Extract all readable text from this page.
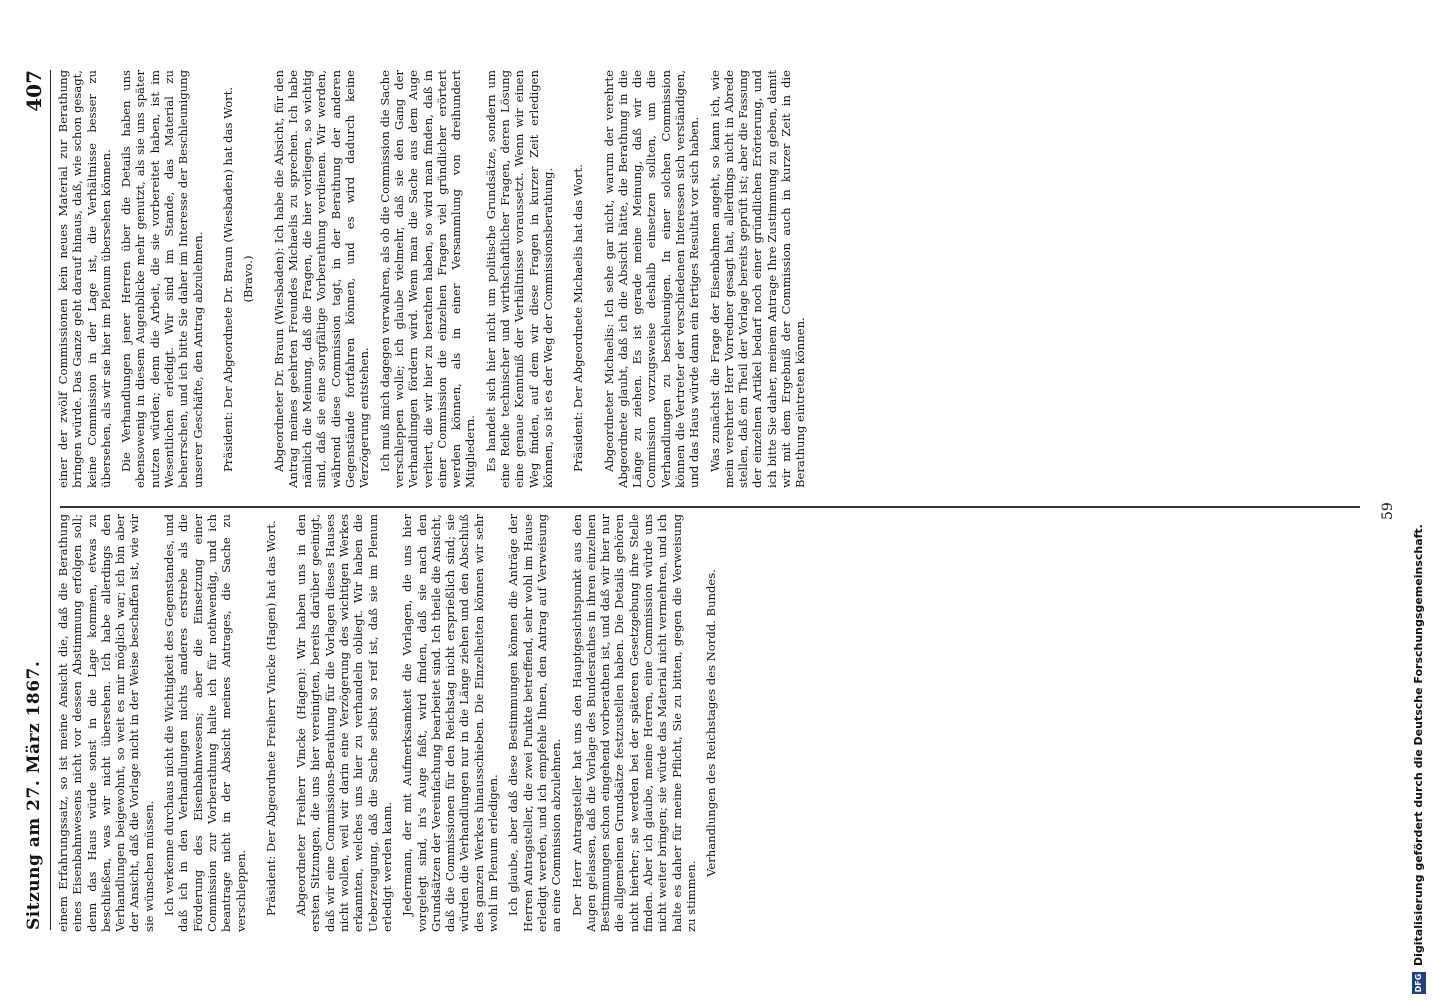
Sitzung am 27. März 1867.
407

einem Erfahrungssatz, so ist meine Ansicht die, daß die Berathung eines Eisenbahnwesens nicht vor dessen Abstimmung erfolgen soll; denn das Haus würde sonst in die Lage kommen, etwas zu beschließen, was wir nicht übersehen. Ich habe allerdings den Verhandlungen beigewohnt, so weit es mir möglich war; ich bin aber der Ansicht, daß die Vorlage nicht in der Weise beschaffen ist, wie wir sie wünschen müssen. Ich verkenne durchaus nicht die Wichtigkeit des Gegenstandes, und daß ich in den Verhandlungen nichts anderes erstrebe als die Förderung des Eisenbahnwesens; aber die Einsetzung einer Commission zur Vorberathung halte ich für nothwendig, und ich beantrage nicht in der Absicht meines Antrages, die Sache zu verschleppen. Präsident: Der Abgeordnete Freiherr Vincke (Hagen) hat das Wort. Abgeordneter Freiherr Vincke (Hagen): Wir haben uns in den ersten Sitzungen, die uns hier vereinigten, bereits darüber geeinigt, daß wir eine Commissions-Berathung für die Vorlagen dieses Hauses nicht wollen, weil wir darin eine Verzögerung des wichtigen Werkes erkannten, welches uns hier zu verhandeln obliegt. Wir haben die Ueberzeugung, daß die Sache selbst so reif ist, daß sie im Plenum erledigt werden kann. Jedermann, der mit Aufmerksamkeit die Vorlagen, die uns hier vorgelegt sind, in's Auge faßt, wird finden, daß sie nach den Grundsätzen der Vereinfachung bearbeitet sind. Ich theile die Ansicht, daß die Commissionen für den Reichstag nicht ersprießlich sind; sie würden die Verhandlungen nur in die Länge ziehen und den Abschluß des ganzen Werkes hinausschieben. Die Einzelheiten können wir sehr wohl im Plenum erledigen. Ich glaube, aber daß diese Bestimmungen können die Anträge der Herren Antragsteller, die zwei Punkte betreffend, sehr wohl im Hause erledigt werden, und ich empfehle Ihnen, den Antrag auf Verweisung an eine Commission abzulehnen. Der Herr Antragsteller hat uns den Hauptgesichtspunkt aus den Augen gelassen, daß die Vorlage des Bundesrathes in ihren einzelnen Bestimmungen schon eingehend vorberathen ist, und daß wir hier nur die allgemeinen Grundsätze festzustellen haben. Die Details gehören nicht hierher; sie werden bei der späteren Gesetzgebung ihre Stelle finden. Aber ich glaube, meine Herren, eine Commission würde uns nicht weiter bringen; sie würde das Material nicht vermehren, und ich halte es daher für meine Pflicht, Sie zu bitten, gegen die Verweisung zu stimmen.

Verhandlungen des Reichstages des Nordd. Bundes.

einer der zwölf Commissionen kein neues Material zur Berathung bringen würde. Das Ganze geht darauf hinaus, daß, wie schon gesagt, keine Commission in der Lage ist, die Verhältnisse besser zu übersehen, als wir sie hier im Plenum übersehen können. Die Verhandlungen jener Herren über die Details haben uns ebensowenig in diesem Augenblicke mehr genutzt, als sie uns später nutzen würden; denn die Arbeit, die sie vorbereitet haben, ist im Wesentlichen erledigt. Wir sind im Stande, das Material zu beherrschen, und ich bitte Sie daher im Interesse der Beschleunigung unserer Geschäfte, den Antrag abzulehnen. Präsident: Der Abgeordnete Dr. Braun (Wiesbaden) hat das Wort. (Bravo.) Abgeordneter Dr. Braun (Wiesbaden): Ich habe die Absicht, für den Antrag meines geehrten Freundes Michaelis zu sprechen. Ich habe nämlich die Meinung, daß die Fragen, die hier vorliegen, so wichtig sind, daß sie eine sorgfältige Vorberathung verdienen. Wir werden, während diese Commission tagt, in der Berathung der anderen Gegenstände fortfahren können, und es wird dadurch keine Verzögerung entstehen. Ich muß mich dagegen verwahren, als ob die Commission die Sache verschleppen wolle; ich glaube vielmehr, daß sie den Gang der Verhandlungen fördern wird. Wenn man die Sache aus dem Auge verliert, die wir hier zu berathen haben, so wird man finden, daß in einer Commission die einzelnen Fragen viel gründlicher erörtert werden können, als in einer Versammlung von dreihundert Mitgliedern. Es handelt sich hier nicht um politische Grundsätze, sondern um eine Reihe technischer und wirthschaftlicher Fragen, deren Lösung eine genaue Kenntniß der Verhältnisse voraussetzt. Wenn wir einen Weg finden, auf dem wir diese Fragen in kurzer Zeit erledigen können, so ist es der Weg der Commissionsberathung. Präsident: Der Abgeordnete Michaelis hat das Wort. Abgeordneter Michaelis: Ich sehe gar nicht, warum der verehrte Abgeordnete glaubt, daß ich die Absicht hätte, die Berathung in die Länge zu ziehen. Es ist gerade meine Meinung, daß wir die Commission vorzugsweise deshalb einsetzen sollten, um die Verhandlungen zu beschleunigen. In einer solchen Commission können die Vertreter der verschiedenen Interessen sich verständigen, und das Haus würde dann ein fertiges Resultat vor sich haben. Was zunächst die Frage der Eisenbahnen angeht, so kann ich, wie mein verehrter Herr Vorredner gesagt hat, allerdings nicht in Abrede stellen, daß ein Theil der Vorlage bereits geprüft ist; aber die Fassung der einzelnen Artikel bedarf noch einer gründlichen Erörterung, und ich bitte Sie daher, meinem Antrage Ihre Zustimmung zu geben, damit wir mit dem Ergebniß der Commission auch in kurzer Zeit in die Berathung eintreten können.

59
DFG
Digitalisierung gefördert durch die Deutsche Forschungsgemeinschaft.
